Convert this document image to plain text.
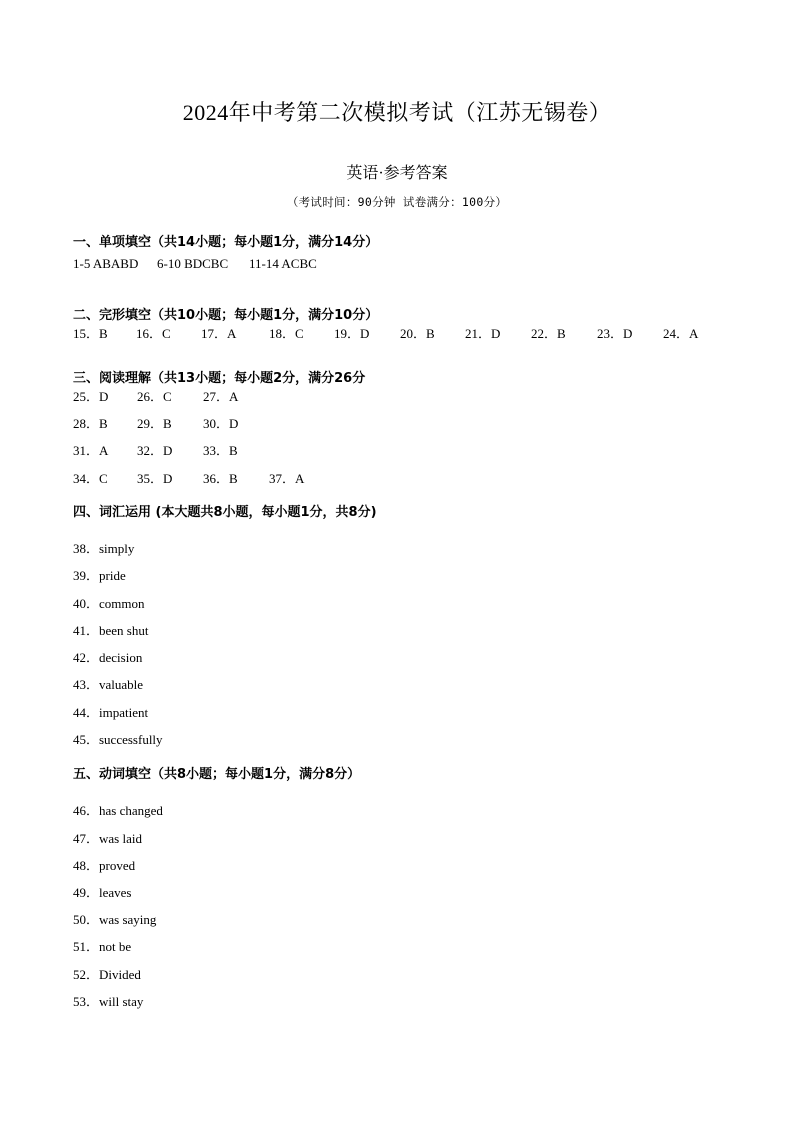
2024年中考第二次模拟考试（江苏无锡卷）
英语·参考答案
（考试时间：90分钟 试卷满分：100分）
一、单项填空（共14小题；每小题1分，满分14分）
1-5 ABABD 6-10 BDCBC 11-14 ACBC
二、完形填空（共10小题；每小题1分，满分10分）
15．B 16．C 17．A	18．C 19．D 20．B 21．D 22．B 23．D 24．A
三、阅读理解（共13小题；每小题2分，满分26分
25．D 26．C 27．A
28．B 29．B 30．D
31．A 32．D 33．B
34．C 35．D 36．B 37．A
四、词汇运用 (本大题共8小题，每小题1分，共8分)
38．simply
39．pride
40．common
41．been shut
42．decision
43．valuable
44．impatient
45．successfully
五、动词填空（共8小题；每小题1分，满分8分）
46．has changed
47．was laid
48．proved
49．leaves
50．was saying
51．not be
52．Divided
53．will stay
